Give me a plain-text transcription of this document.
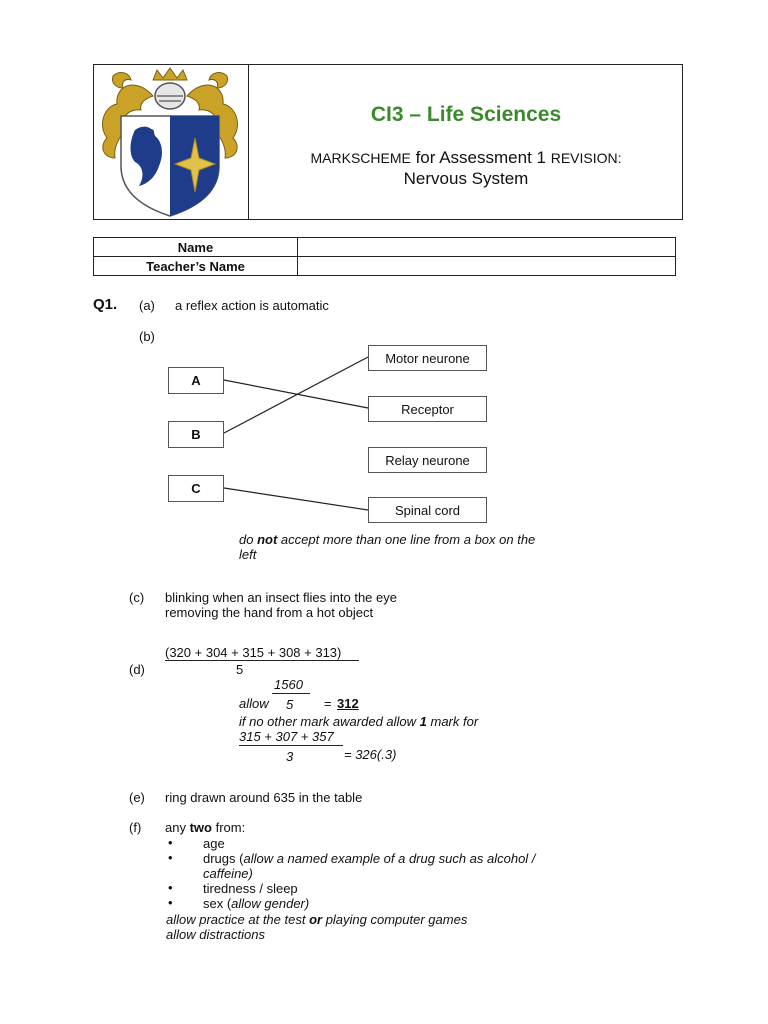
CI3 – Life Sciences
MARKSCHEME for Assessment 1 REVISION:
Nervous System
Name	
Teacher’s Name	
Q1. (a) a reflex action is automatic
(b)
A
B
C
Motor neurone
Receptor
Relay neurone
Spinal cord
do not accept more than one line from a box on the
left
(c) blinking when an insect flies into the eye
removing the hand from a hot object
(d)
(320 + 304 + 315 + 308 + 313)
5
1560
allow 5 = 312
if no other mark awarded allow 1 mark for
315 + 307 + 357
3	= 326(.3)
(e) ring drawn around 635 in the table
(f) any two from:
• age
• drugs (allow a named example of a drug such as alcohol /
caffeine)
• tiredness / sleep
• sex (allow gender)
allow practice at the test or playing computer games
allow distractions
